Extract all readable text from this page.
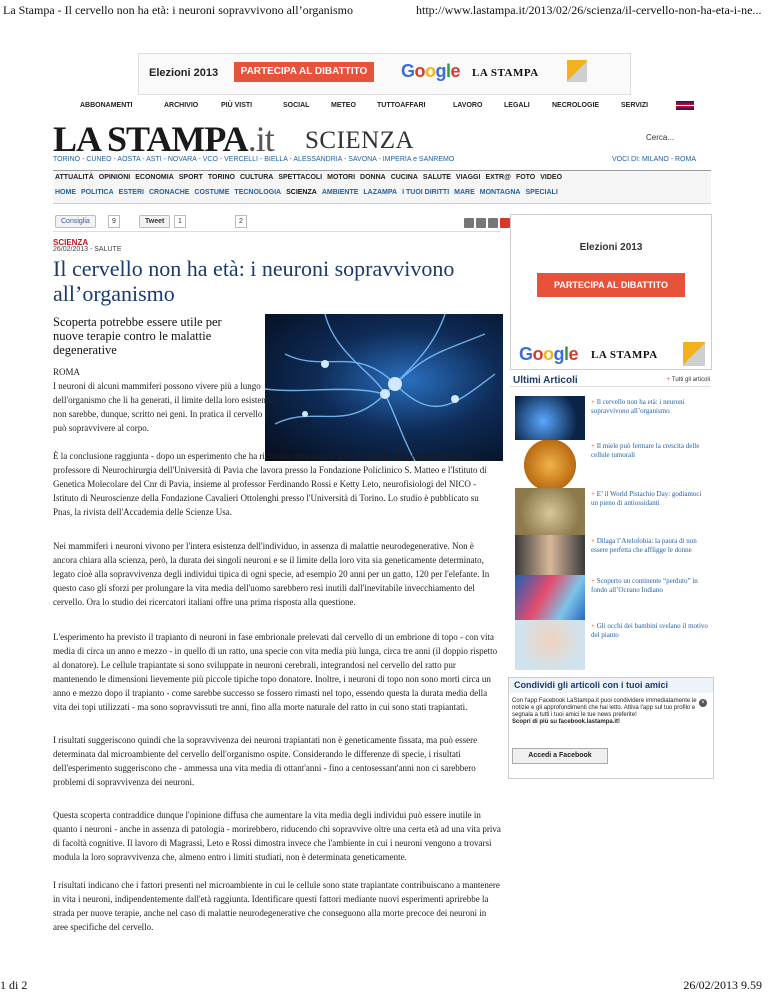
La Stampa - Il cervello non ha età: i neuroni sopravvivono all’organismo	http://www.lastampa.it/2013/02/26/scienza/il-cervello-non-ha-eta-i-ne...
Elezioni 2013	PARTECIPA AL DIBATTITO	Google LA STAMPA
ABBONAMENTI	ARCHIVIO	PIÙ VISTI	SOCIAL	METEO	TUTTOAFFARI	LAVORO	LEGALI	NECROLOGIE	SERVIZI
LA STAMPA.it SCIENZA	Cerca...
TORINO - CUNEO - AOSTA - ASTI - NOVARA - VCO - VERCELLI - BIELLA - ALESSANDRIA - SAVONA - IMPERIA e SANREMO	VOCI DI: MILANO - ROMA
ATTUALITÀ OPINIONI ECONOMIA SPORT TORINO CULTURA SPETTACOLI MOTORI DONNA CUCINA SALUTE VIAGGI EXTR@ FOTO VIDEO
HOME POLITICA ESTERI CRONACHE COSTUME TECNOLOGIA SCIENZA AMBIENTE LAZAMPA I TUOI DIRITTI MARE MONTAGNA SPECIALI
Consiglia	9	Tweet	1	2
SCIENZA
26/02/2013 - SALUTE
Il cervello non ha età: i neuroni sopravvivono all’organismo
Scoperta potrebbe essere utile per nuove terapie contro le malattie degenerative
ROMA
I neuroni di alcuni mammiferi possono vivere più a lungo dell'organismo che li ha generati, il limite della loro esistenza non sarebbe, dunque, scritto nei geni. In pratica il cervello può sopravvivere al corpo.
È la conclusione raggiunta - dopo un esperimento che ha richiesto oltre cinque anni di lavoro - da Lorenzo Magrassi, professore di Neurochirurgia dell'Università di Pavia che lavora presso la Fondazione Policlinico S. Matteo e l'Istituto di Genetica Molecolare del Cnr di Pavia, insieme al professor Ferdinando Rossi e Ketty Leto, neurofisiologi del NICO - Istituto di Neuroscienze della Fondazione Cavalieri Ottolenghi presso l'Università di Torino. Lo studio è pubblicato su Pnas, la rivista dell'Accademia delle Scienze Usa.
Nei mammiferi i neuroni vivono per l'intera esistenza dell'individuo, in assenza di malattie neurodegenerative. Non è ancora chiara alla scienza, però, la durata dei singoli neuroni e se il limite della loro vita sia geneticamente determinato, legato cioè alla sopravvivenza degli individui tipica di ogni specie, ad esempio 20 anni per un gatto, 120 per l'elefante. In questo caso gli sforzi per prolungare la vita media dell'uomo sarebbero resi inutili dall'inevitabile invecchiamento del cervello. Ora lo studio dei ricercatori italiani offre una prima risposta alla questione.
L'esperimento ha previsto il trapianto di neuroni in fase embrionale prelevati dal cervello di un embrione di topo - con vita media di circa un anno e mezzo - in quello di un ratto, una specie con vita media più lunga, circa tre anni (il doppio rispetto al donatore). Le cellule trapiantate si sono sviluppate in neuroni cerebrali, integrandosi nel cervello del ratto pur mantenendo le dimensioni lievemente più piccole tipiche topo donatore. Inoltre, i neuroni di topo non sono morti circa un anno e mezzo dopo il trapianto - come sarebbe successo se fossero rimasti nel topo, essendo questa la durata media della vita dei topi utilizzati - ma sono sopravvissuti tre anni, fino alla morte naturale del ratto in cui sono stati trapiantati.
I risultati suggeriscono quindi che la sopravvivenza dei neuroni trapiantati non è geneticamente fissata, ma può essere determinata dal microambiente del cervello dell'organismo ospite. Considerando le differenze di specie, i risultati dell'esperimento suggeriscono che - ammessa una vita media di ottant'anni - fino a centosessant'anni non ci sarebbero problemi di sopravvivenza dei neuroni.
Questa scoperta contraddice dunque l'opinione diffusa che aumentare la vita media degli individui può essere inutile in quanto i neuroni - anche in assenza di patologia - morirebbero, riducendo chi sopravvive oltre una certa età ad una vita priva di facoltà cognitive. Il lavoro di Magrassi, Leto e Rossi dimostra invece che l'ambiente in cui i neuroni vengono a trovarsi modula la loro sopravvivenza che, almeno entro i limiti studiati, non è determinata geneticamente.
I risultati indicano che i fattori presenti nel microambiente in cui le cellule sono state trapiantate contribuiscano a mantenere in vita i neuroni, indipendentemente dall'età raggiunta. Identificare questi fattori mediante nuovi esperimenti aprirebbe la strada per nuove terapie, anche nel caso di malattie neurodegenerative che conseguono alla morte precoce dei neuroni in aree specifiche del cervello.
Elezioni 2013
PARTECIPA AL DIBATTITO
Google LA STAMPA
Ultimi Articoli	+ Tutti gli articoli
+ Il cervello non ha età: i neuroni sopravvivono all’organismo
+ Il miele può fermare la crescita delle cellule tumorali
+ E’ il World Pistachio Day: godiamoci un pieno di antiossidanti
+ Dilaga l’Atelofobia: la paura di non essere perfetta che affligge le donne
+ Scoperto un continente “perduto” in fondo all’Oceano Indiano
+ Gli occhi dei bambini svelano il motivo del pianto
Condividi gli articoli con i tuoi amici
Con l'app Facebook LaStampa.it puoi condividere immediatamente le notizie e gli approfondimenti che hai letto. Attiva l'app sul tuo profilo e segnala a tutti i tuoi amici le tue news preferite!
Scopri di più su facebook.lastampa.it!
×
Accedi a Facebook
1 di 2	26/02/2013 9.59
